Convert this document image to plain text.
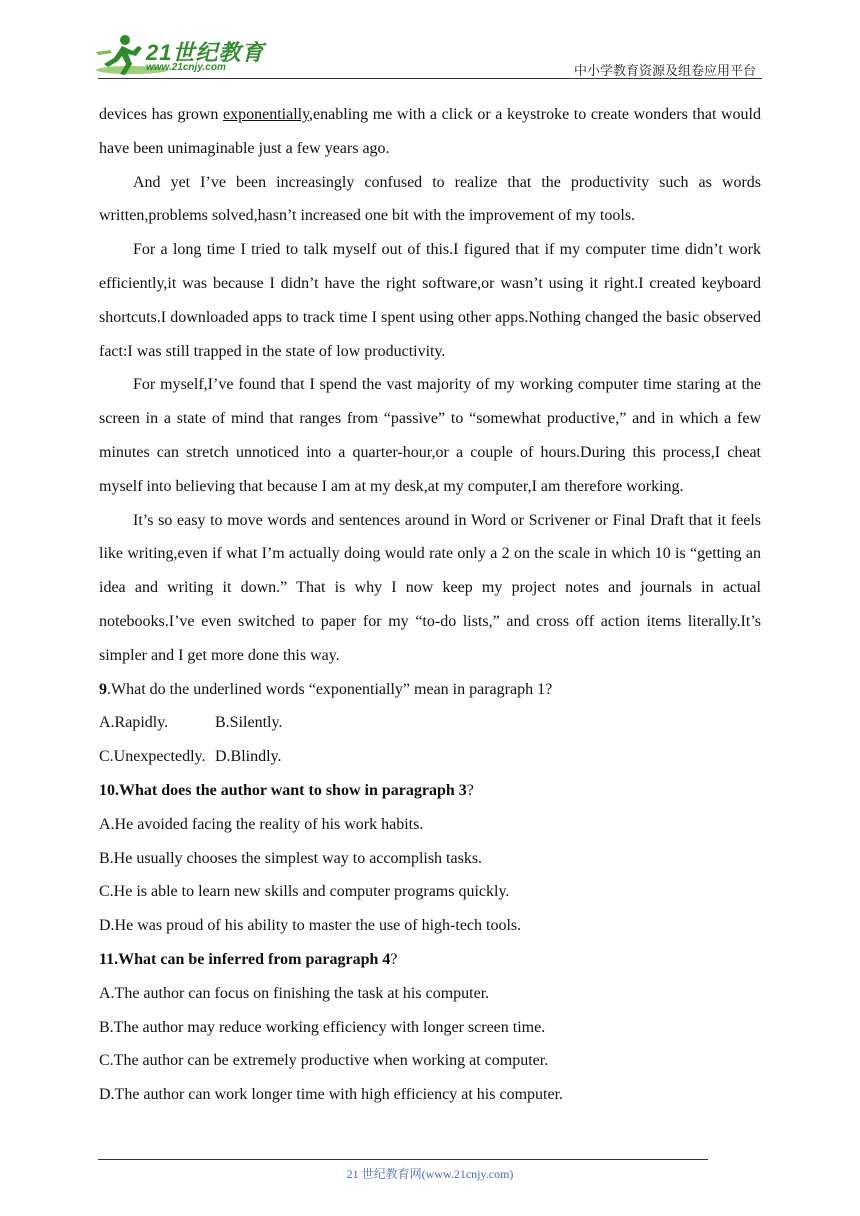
21世纪教育
www.21cnjy.com	中小学教育资源及组卷应用平台

devices has grown exponentially,enabling me with a click or a keystroke to create wonders that would have been unimaginable just a few years ago.

And yet I’ve been increasingly confused to realize that the productivity such as words written,problems solved,hasn’t increased one bit with the improvement of my tools.

For a long time I tried to talk myself out of this.I figured that if my computer time didn’t work efficiently,it was because I didn’t have the right software,or wasn’t using it right.I created keyboard shortcuts.I downloaded apps to track time I spent using other apps.Nothing changed the basic observed fact:I was still trapped in the state of low productivity.

For myself,I’ve found that I spend the vast majority of my working computer time staring at the screen in a state of mind that ranges from “passive” to “somewhat productive,” and in which a few minutes can stretch unnoticed into a quarter-hour,or a couple of hours.During this process,I cheat myself into believing that because I am at my desk,at my computer,I am therefore working.

It’s so easy to move words and sentences around in Word or Scrivener or Final Draft that it feels like writing,even if what I’m actually doing would rate only a 2 on the scale in which 10 is “getting an idea and writing it down.” That is why I now keep my project notes and journals in actual notebooks.I’ve even switched to paper for my “to-do lists,” and cross off action items literally.It’s simpler and I get more done this way.

9.What do the underlined words “exponentially” mean in paragraph 1?

A.Rapidly.	B.Silently.
C.Unexpectedly. D.Blindly.

10.What does the author want to show in paragraph 3?

A.He avoided facing the reality of his work habits.

B.He usually chooses the simplest way to accomplish tasks.

C.He is able to learn new skills and computer programs quickly.

D.He was proud of his ability to master the use of high-tech tools.

11.What can be inferred from paragraph 4?

A.The author can focus on finishing the task at his computer.

B.The author may reduce working efficiency with longer screen time.

C.The author can be extremely productive when working at computer.

D.The author can work longer time with high efficiency at his computer.

21 世纪教育网(www.21cnjy.com)
